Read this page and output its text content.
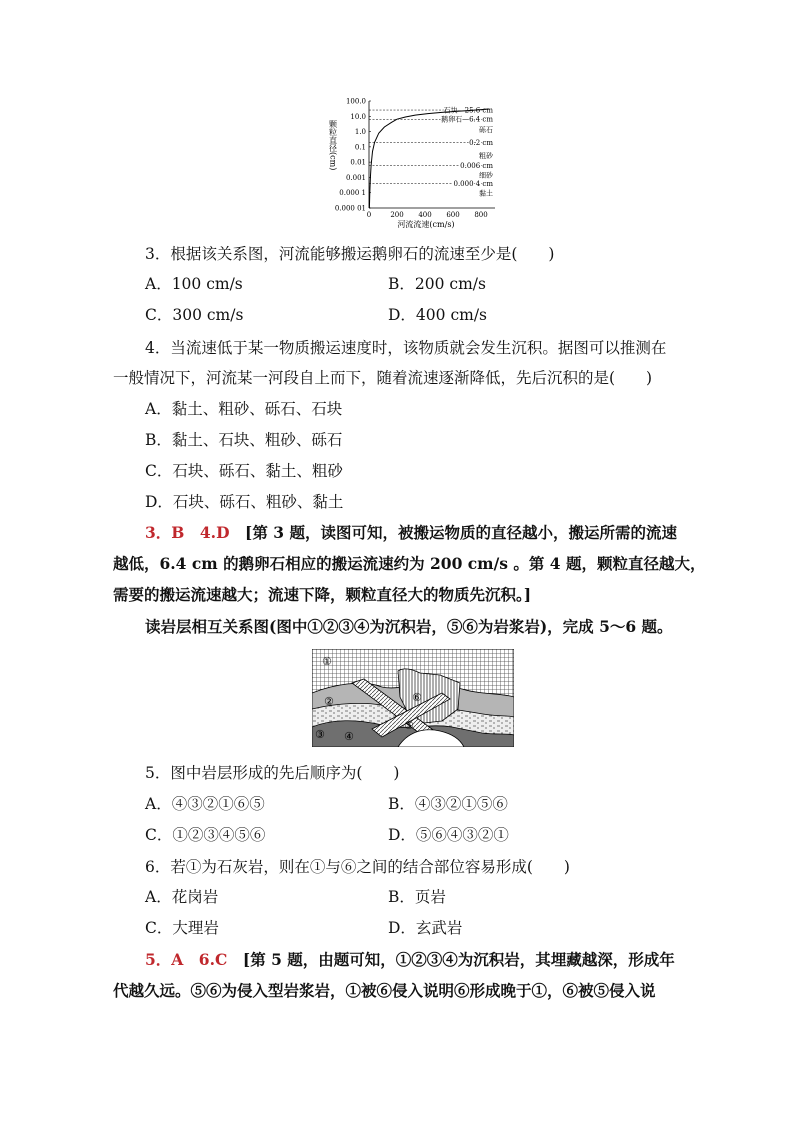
颗粒直径(cm)
100.0
10.0
1.0
0.1
0.01
0.001
0.000 1
0.000 01
0	200 400 600 800
石块—25.6 cm
鹅卵石—6.4 cm
砾石
0.2 cm
粗砂
0.006 cm
细砂
0.000 4 cm
黏土
河流流速(cm/s)
3．根据该关系图，河流能够搬运鹅卵石的流速至少是(　　)
A．100 cm/s	B．200 cm/s
C．300 cm/s	D．400 cm/s
4．当流速低于某一物质搬运速度时，该物质就会发生沉积。据图可以推测在
一般情况下，河流某一河段自上而下，随着流速逐渐降低，先后沉积的是(　　)
A．黏土、粗砂、砾石、石块
B．黏土、石块、粗砂、砾石
C．石块、砾石、黏土、粗砂
D．石块、砾石、粗砂、黏土
3．B　4.D　 [第 3 题，读图可知，被搬运物质的直径越小，搬运所需的流速
越低，6.4 cm 的鹅卵石相应的搬运流速约为 200 cm/s 。第 4 题，颗粒直径越大，
需要的搬运流速越大；流速下降，颗粒直径大的物质先沉积。]
读岩层相互关系图(图中①②③④为沉积岩，⑤⑥为岩浆岩)，完成 5～6 题。
①
②
③ ④
⑤
⑥
5．图中岩层形成的先后顺序为(　　)
A．④③②①⑥⑤	B．④③②①⑤⑥
C．①②③④⑤⑥	D．⑤⑥④③②①
6．若①为石灰岩，则在①与⑥之间的结合部位容易形成(　　)
A．花岗岩	B．页岩
C．大理岩	D．玄武岩
5．A　6.C　 [第 5 题，由题可知，①②③④为沉积岩，其埋藏越深，形成年
代越久远。⑤⑥为侵入型岩浆岩，①被⑥侵入说明⑥形成晚于①，⑥被⑤侵入说
